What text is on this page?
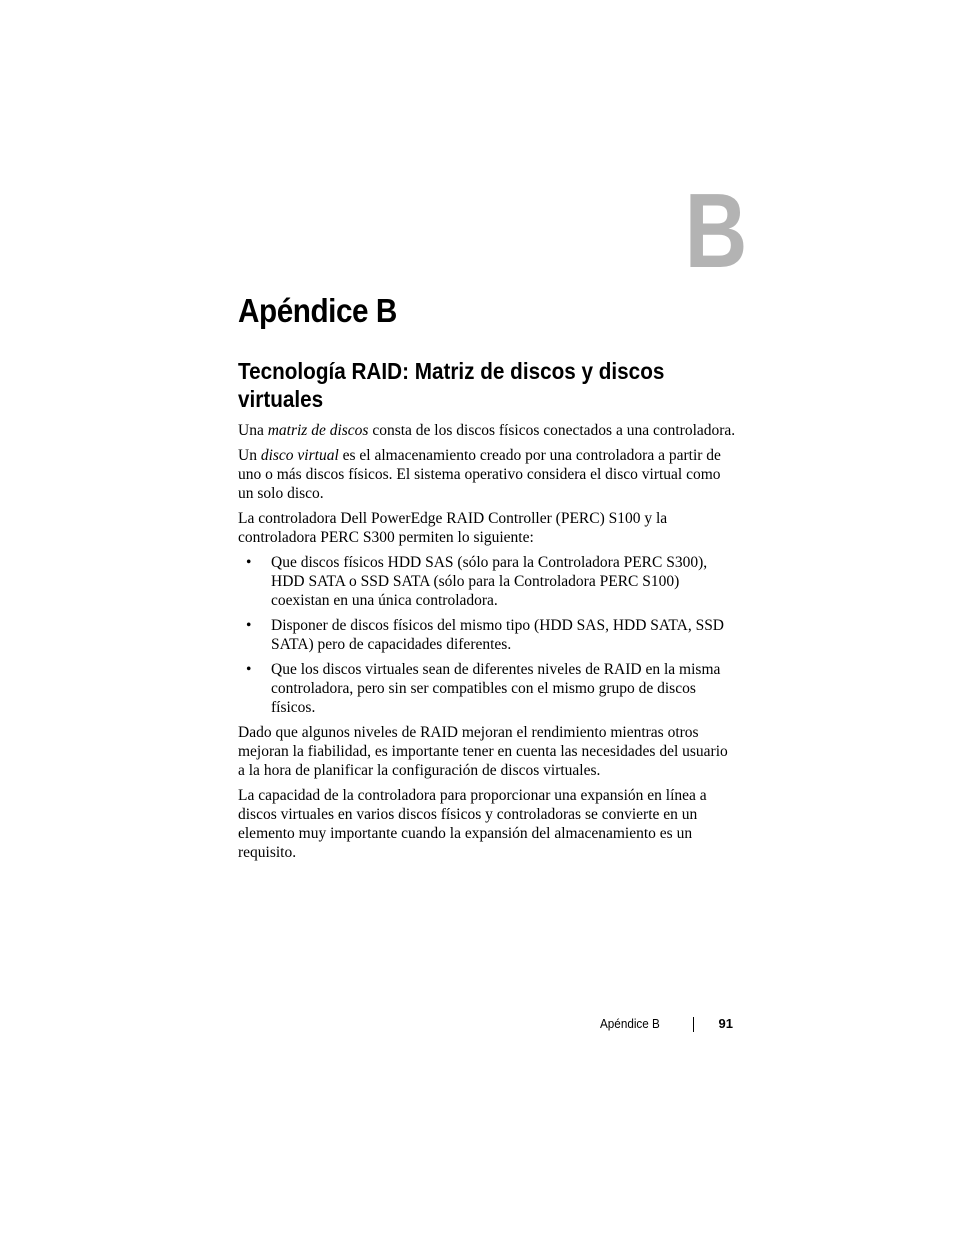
B
Apéndice B
Tecnología RAID: Matriz de discos y discos virtuales

Una matriz de discos consta de los discos físicos conectados a una controladora.

Un disco virtual es el almacenamiento creado por una controladora a partir de uno o más discos físicos. El sistema operativo considera el disco virtual como un solo disco.

La controladora Dell PowerEdge RAID Controller (PERC) S100 y la controladora PERC S300 permiten lo siguiente:

• Que discos físicos HDD SAS (sólo para la Controladora PERC S300), HDD SATA o SSD SATA (sólo para la Controladora PERC S100) coexistan en una única controladora.
• Disponer de discos físicos del mismo tipo (HDD SAS, HDD SATA, SSD SATA) pero de capacidades diferentes.
• Que los discos virtuales sean de diferentes niveles de RAID en la misma controladora, pero sin ser compatibles con el mismo grupo de discos físicos.

Dado que algunos niveles de RAID mejoran el rendimiento mientras otros mejoran la fiabilidad, es importante tener en cuenta las necesidades del usuario a la hora de planificar la configuración de discos virtuales.

La capacidad de la controladora para proporcionar una expansión en línea a discos virtuales en varios discos físicos y controladoras se convierte en un elemento muy importante cuando la expansión del almacenamiento es un requisito.

Apéndice B	91
